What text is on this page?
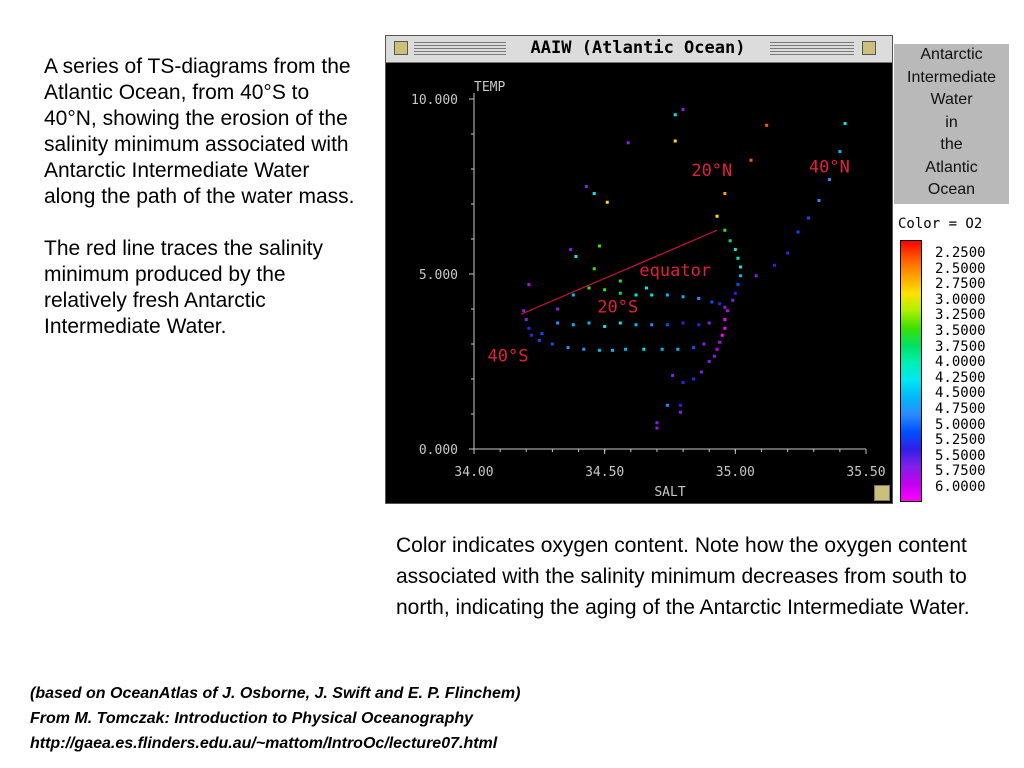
A series of TS-diagrams from the Atlantic Ocean, from 40°S to 40°N, showing the erosion of the salinity minimum associated with Antarctic Intermediate Water along the path of the water mass.

The red line traces the salinity minimum produced by the relatively fresh Antarctic Intermediate Water.

AAIW (Atlantic Ocean)
34.00	34.50	35.00	35.50
0.000
5.000
10.000
TEMP
SALT
40°S
20°S
equator
20°N	40°N
Antarctic
Intermediate
Water
in
the
Atlantic
Ocean
Color = O2
2.2500
2.5000
2.7500
3.0000
3.2500
3.5000
3.7500
4.0000
4.2500
4.5000
4.7500
5.0000
5.2500
5.5000
5.7500
6.0000
Color indicates oxygen content. Note how the oxygen content associated with the salinity minimum decreases from south to north, indicating the aging of the Antarctic Intermediate Water.
(based on OceanAtlas of J. Osborne, J. Swift and E. P. Flinchem)
From M. Tomczak: Introduction to Physical Oceanography
http://gaea.es.flinders.edu.au/~mattom/IntroOc/lecture07.html
